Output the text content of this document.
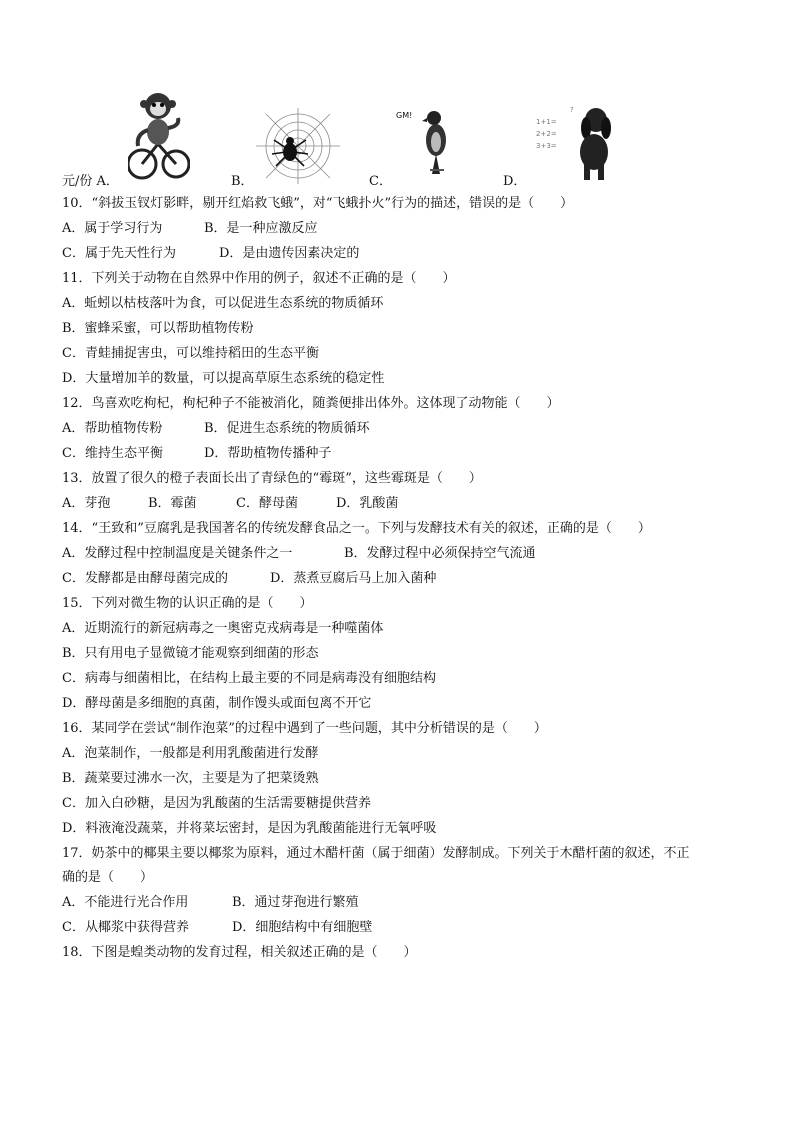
GM!
1+1=
2+2=
3+3=
?
元/份 A．	B．	C．	D．
10．“斜拔玉钗灯影畔，剔开红焰救飞蛾”，对“飞蛾扑火”行为的描述，错误的是（　　）
A．属于学习行为	B．是一种应激反应
C．属于先天性行为	D．是由遗传因素决定的
11．下列关于动物在自然界中作用的例子，叙述不正确的是（　　）
A．蚯蚓以枯枝落叶为食，可以促进生态系统的物质循环
B．蜜蜂采蜜，可以帮助植物传粉
C．青蛙捕捉害虫，可以维持稻田的生态平衡
D．大量增加羊的数量，可以提高草原生态系统的稳定性
12．鸟喜欢吃枸杞，枸杞种子不能被消化，随粪便排出体外。这体现了动物能（　　）
A．帮助植物传粉	B．促进生态系统的物质循环
C．维持生态平衡	D．帮助植物传播种子
13．放置了很久的橙子表面长出了青绿色的“霉斑”，这些霉斑是（　　）
A．芽孢	B．霉菌	C．酵母菌	D．乳酸菌
14．“王致和”豆腐乳是我国著名的传统发酵食品之一。下列与发酵技术有关的叙述，正确的是（　　）
A．发酵过程中控制温度是关键条件之一	B．发酵过程中必须保持空气流通
C．发酵都是由酵母菌完成的	D．蒸煮豆腐后马上加入菌种
15．下列对微生物的认识正确的是（　　）
A．近期流行的新冠病毒之一奥密克戎病毒是一种噬菌体
B．只有用电子显微镜才能观察到细菌的形态
C．病毒与细菌相比，在结构上最主要的不同是病毒没有细胞结构
D．酵母菌是多细胞的真菌，制作馒头或面包离不开它
16．某同学在尝试“制作泡菜”的过程中遇到了一些问题，其中分析错误的是（　　）
A．泡菜制作，一般都是利用乳酸菌进行发酵
B．蔬菜要过沸水一次，主要是为了把菜烫熟
C．加入白砂糖，是因为乳酸菌的生活需要糖提供营养
D．料液淹没蔬菜，并将菜坛密封，是因为乳酸菌能进行无氧呼吸
17．奶茶中的椰果主要以椰浆为原料，通过木醋杆菌（属于细菌）发酵制成。下列关于木醋杆菌的叙述，不正
确的是（　　）
A．不能进行光合作用	B．通过芽孢进行繁殖
C．从椰浆中获得营养	D．细胞结构中有细胞壁
18．下图是蝗类动物的发育过程，相关叙述正确的是（　　）
